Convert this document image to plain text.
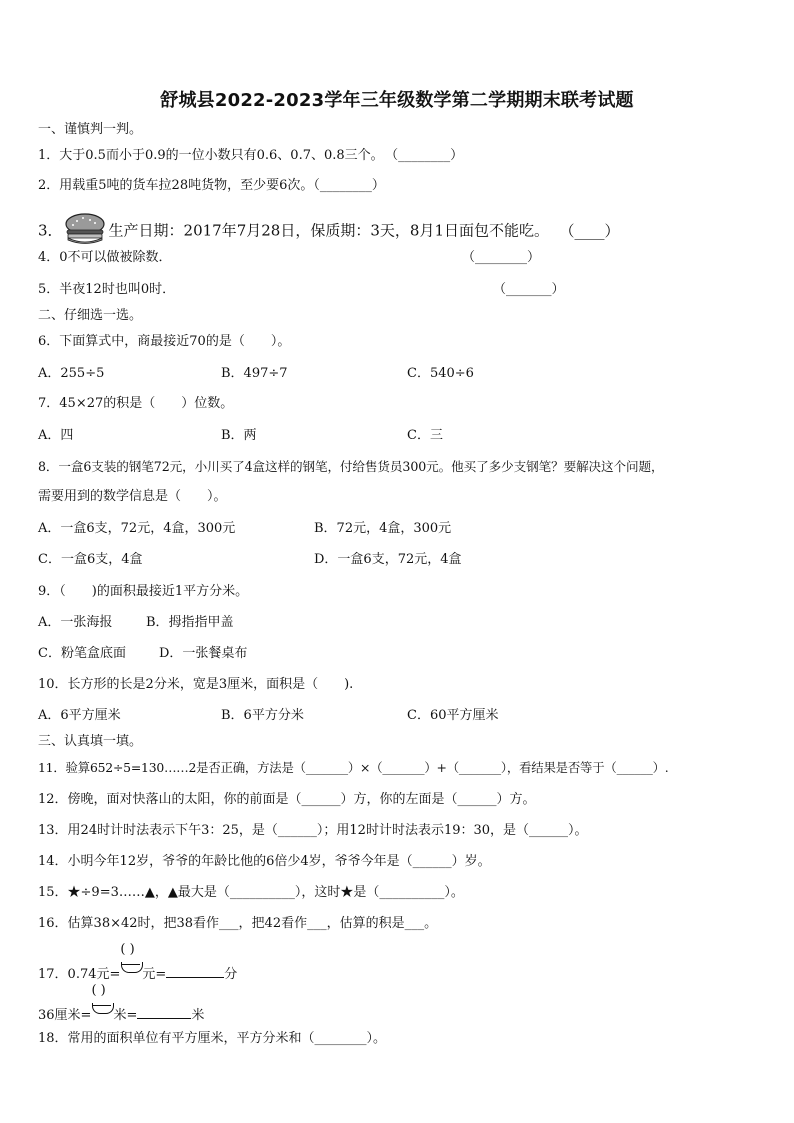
舒城县2022-2023学年三年级数学第二学期期末联考试题
一、谨慎判一判。
1．大于0.5而小于0.9的一位小数只有0.6、0.7、0.8三个。 （________）
2．用载重5吨的货车拉28吨货物，至少要6次。（________）
3．	生产日期：2017年7月28日，保质期：3天，8月1日面包不能吃。 （____）
4．0不可以做被除数．	（________）
5．半夜12时也叫0时．	（_______）
二、仔细选一选。
6．下面算式中，商最接近70的是（　　）。
A．255÷5	B．497÷7	C．540÷6
7．45×27的积是（　　）位数。
A．四	B．两	C．三
8．一盒6支装的钢笔72元，小川买了4盒这样的钢笔，付给售货员300元。他买了多少支钢笔？要解决这个问题，
需要用到的数学信息是（　　）。
A．一盒6支，72元，4盒，300元	B．72元，4盒，300元
C．一盒6支，4盒	D．一盒6支，72元，4盒
9．（　　)的面积最接近1平方分米。
A．一张海报	B．拇指指甲盖
C．粉笔盒底面	D．一张餐桌布
10．长方形的长是2分米，宽是3厘米，面积是（　　).
A．6平方厘米	B．6平方分米	C．60平方厘米
三、认真填一填。
11．验算652÷5=130……2是否正确，方法是（_______）×（_______）+（_______），看结果是否等于（______）.
12．傍晚，面对快落山的太阳，你的前面是（______）方，你的左面是（______）方。
13．用24时计时法表示下午3：25，是（______）；用12时计时法表示19：30，是（______）。
14．小明今年12岁，爷爷的年龄比他的6倍少4岁，爷爷今年是（______）岁。
15．★÷9=3……▲，▲最大是（__________），这时★是（__________）。
16．估算38×42时，把38看作___，把42看作___，估算的积是___。
17．0.74元=
( )
元=	分
36厘米=
( )
米=	米
18．常用的面积单位有平方厘米，平方分米和（________）。
